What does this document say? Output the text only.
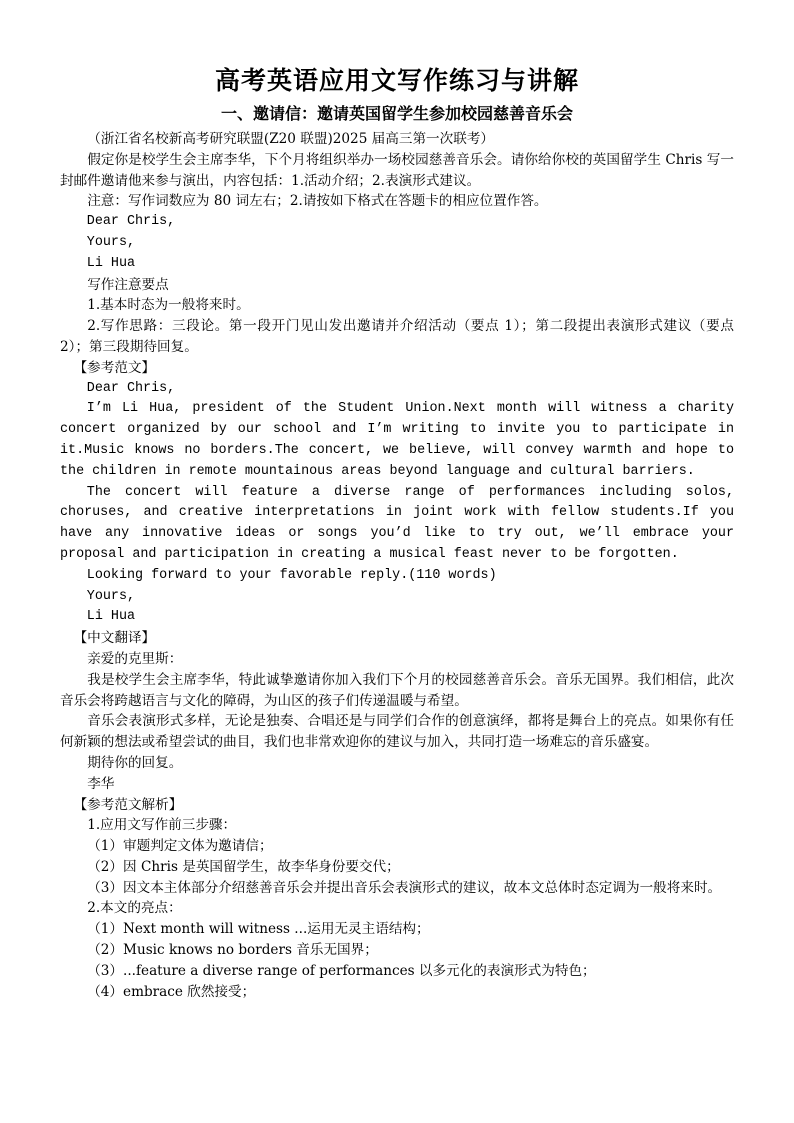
高考英语应用文写作练习与讲解
一、邀请信：邀请英国留学生参加校园慈善音乐会

（浙江省名校新高考研究联盟(Z20 联盟)2025 届高三第一次联考）

假定你是校学生会主席李华，下个月将组织举办一场校园慈善音乐会。请你给你校的英国留学生 Chris 写一封邮件邀请他来参与演出，内容包括：1.活动介绍；2.表演形式建议。

注意：写作词数应为 80 词左右；2.请按如下格式在答题卡的相应位置作答。

Dear Chris,

Yours,

Li Hua

写作注意要点

1.基本时态为一般将来时。

2.写作思路：三段论。第一段开门见山发出邀请并介绍活动（要点 1）；第二段提出表演形式建议（要点 2）；第三段期待回复。

【参考范文】

Dear Chris,

I’m Li Hua, president of the Student Union.Next month will witness a charity concert organized by our school and I’m writing to invite you to participate in it.Music knows no borders.The concert, we believe, will convey warmth and hope to the children in remote mountainous areas beyond language and cultural barriers.

The concert will feature a diverse range of performances including solos, choruses, and creative interpretations in joint work with fellow students.If you have any innovative ideas or songs you’d like to try out, we’ll embrace your proposal and participation in creating a musical feast never to be forgotten.

Looking forward to your favorable reply.(110 words)

Yours,

Li Hua

【中文翻译】

亲爱的克里斯：

我是校学生会主席李华，特此诚挚邀请你加入我们下个月的校园慈善音乐会。音乐无国界。我们相信，此次音乐会将跨越语言与文化的障碍，为山区的孩子们传递温暖与希望。

音乐会表演形式多样，无论是独奏、合唱还是与同学们合作的创意演绎，都将是舞台上的亮点。如果你有任何新颖的想法或希望尝试的曲目，我们也非常欢迎你的建议与加入，共同打造一场难忘的音乐盛宴。

期待你的回复。

李华

【参考范文解析】

1.应用文写作前三步骤：

（1）审题判定文体为邀请信；

（2）因 Chris 是英国留学生，故李华身份要交代；

（3）因文本主体部分介绍慈善音乐会并提出音乐会表演形式的建议，故本文总体时态定调为一般将来时。

2.本文的亮点：

（1）Next month will witness ...运用无灵主语结构；

（2）Music knows no borders 音乐无国界；

（3）...feature a diverse range of performances 以多元化的表演形式为特色；

（4）embrace 欣然接受；
